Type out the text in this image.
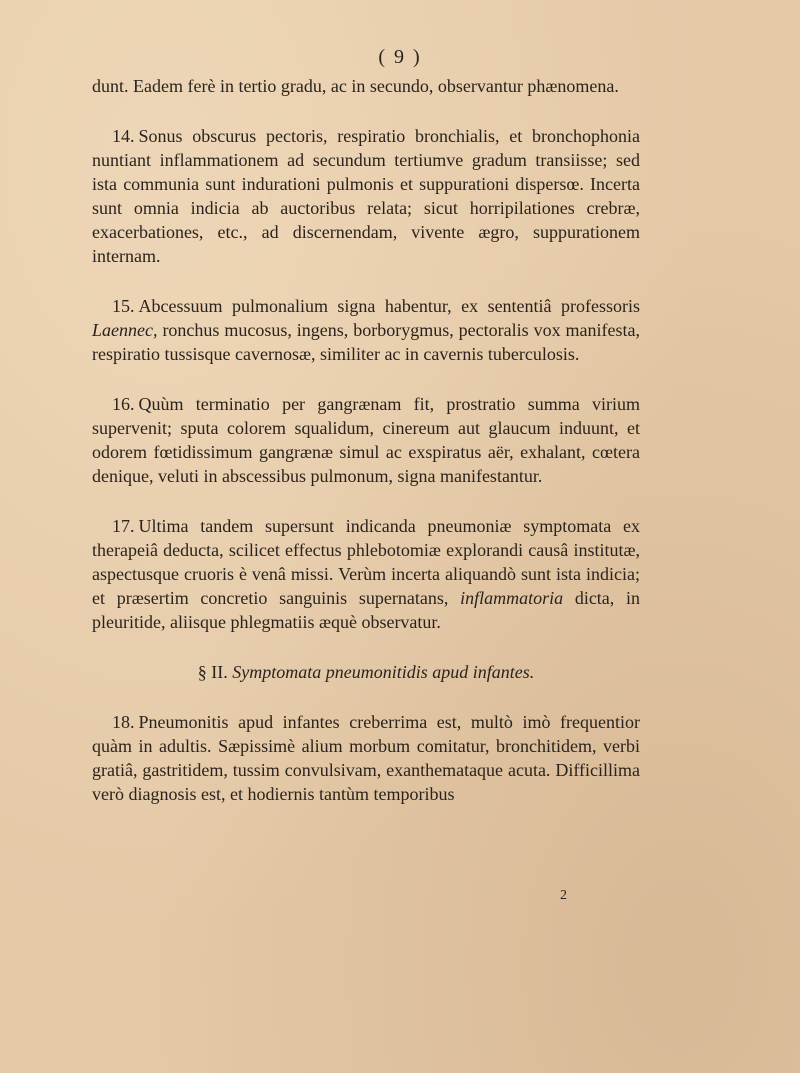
( 9 )

dunt. Eadem ferè in tertio gradu, ac in secundo, observantur phænomena.

14. Sonus obscurus pectoris, respiratio bronchialis, et bronchophonia nuntiant inflammationem ad secundum tertiumve gradum transiisse; sed ista communia sunt indurationi pulmonis et suppurationi dispersœ. Incerta sunt omnia indicia ab auctoribus relata; sicut horripilationes crebræ, exacerbationes, etc., ad discernendam, vivente ægro, suppurationem internam.

15. Abcessuum pulmonalium signa habentur, ex sententiâ professoris Laennec, ronchus mucosus, ingens, borborygmus, pectoralis vox manifesta, respiratio tussisque cavernosæ, similiter ac in cavernis tuberculosis.

16. Quùm terminatio per gangrænam fit, prostratio summa virium supervenit; sputa colorem squalidum, cinereum aut glaucum induunt, et odorem fœtidissimum gangrænæ simul ac exspiratus aër, exhalant, cœtera denique, veluti in abscessibus pulmonum, signa manifestantur.

17. Ultima tandem supersunt indicanda pneumoniæ symptomata ex therapeiâ deducta, scilicet effectus phlebotomiæ explorandi causâ institutæ, aspectusque cruoris è venâ missi. Verùm incerta aliquandò sunt ista indicia; et præsertim concretio sanguinis supernatans, inflammatoria dicta, in pleuritide, aliisque phlegmatiis æquè observatur.

§ II. Symptomata pneumonitidis apud infantes.

18. Pneumonitis apud infantes creberrima est, multò imò frequentior quàm in adultis. Sæpissimè alium morbum comitatur, bronchitidem, verbi gratiâ, gastritidem, tussim convulsivam, exanthemataque acuta. Difficillima verò diagnosis est, et hodiernis tantùm temporibus

2
